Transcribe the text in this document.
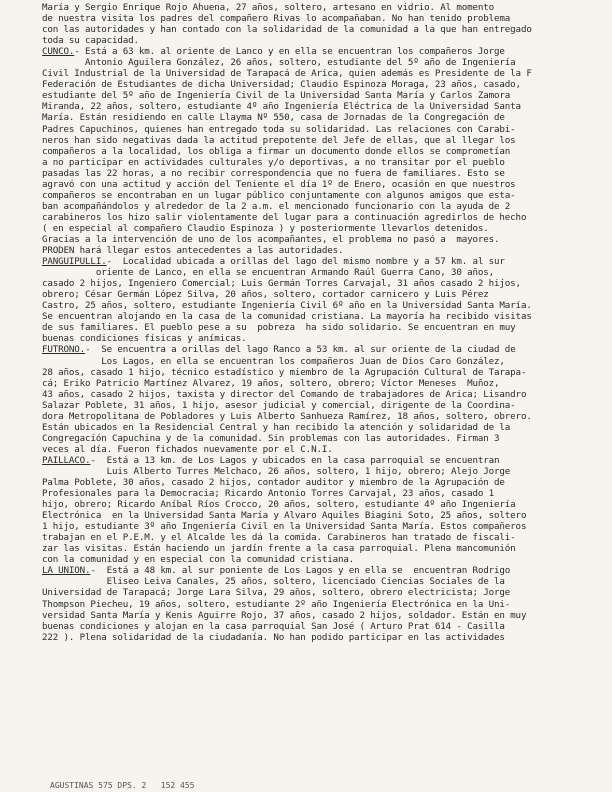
María y Sergio Enrique Rojo Ahuena, 27 años, soltero, artesano en vidrio. Al momento
de nuestra visita los padres del compañero Rivas lo acompañaban. No han tenido problema
con las autoridades y han contado con la solidaridad de la comunidad a la que han entregado
toda su capacidad.
CUNCO.- Está a 63 km. al oriente de Lanco y en ella se encuentran los compañeros Jorge
Antonio Aguilera González, 26 años, soltero, estudiante del 5º año de Ingeniería
Civil Industrial de la Universidad de Tarapacá de Arica, quien además es Presidente de la F
Federación de Estudiantes de dicha Universidad; Claudio Espinoza Moraga, 23 años, casado,
estudiante del 5º año de Ingeniería Civil de la Universidad Santa María y Carlos Zamora
Miranda, 22 años, soltero, estudiante 4º año Ingeniería Eléctrica de la Universidad Santa
María. Están residiendo en calle Llayma Nº 550, casa de Jornadas de la Congregación de
Padres Capuchinos, quienes han entregado toda su solidaridad. Las relaciones con Carabi-
neros han sido negativas dada la actitud prepotente del Jefe de ellas, que al llegar los
compañeros a la localidad, los obliga a firmar un documento donde ellos se comprometían
a no participar en actividades culturales y/o deportivas, a no transitar por el pueblo
pasadas las 22 horas, a no recibir correspondencia que no fuera de familiares. Esto se
agravó con una actitud y acción del Teniente el día 1º de Enero, ocasión en que nuestros
compañeros se encontraban en un lugar público conjuntamente con algunos amigos que esta-
ban acompañándolos y alrededor de la 2 a.m. el mencionado funcionario con la ayuda de 2
carabineros los hizo salir violentamente del lugar para a continuación agredirlos de hecho
( en especial al compañero Claudio Espinoza ) y posteriormente llevarlos detenidos.
Gracias a la intervención de uno de los acompañantes, el problema no pasó a  mayores.
PRODEN hará llegar estos antecedentes a las autoridades.
PANGUIPULLI.-  Localidad ubicada a orillas del lago del mismo nombre y a 57 km. al sur
oriente de Lanco, en ella se encuentran Armando Raúl Guerra Cano, 30 años,
casado 2 hijos, Ingeniero Comercial; Luis Germán Torres Carvajal, 31 años casado 2 hijos,
obrero; César Germán López Silva, 20 años, soltero, cortador carnicero y Luis Pérez
Castro, 25 años, soltero, estudiante Ingeniería Civil 6º año en la Universidad Santa María.
Se encuentran alojando en la casa de la comunidad cristiana. La mayoría ha recibido visitas
de sus familiares. El pueblo pese a su  pobreza  ha sido solidario. Se encuentran en muy
buenas condiciones físicas y anímicas.
FUTRONO.-  Se encuentra a orillas del lago Ranco a 53 km. al sur oriente de la ciudad de
Los Lagos, en ella se encuentran los compañeros Juan de Dios Caro González,
28 años, casado 1 hijo, técnico estadístico y miembro de la Agrupación Cultural de Tarapa-
cá; Eriko Patricio Martínez Alvarez, 19 años, soltero, obrero; Víctor Meneses  Muñoz,
43 años, casado 2 hijos, taxista y director del Comando de trabajadores de Arica; Lisandro
Salazar Poblete, 31 años, 1 hijo, asesor judicial y comercial, dirigente de la Coordina-
dora Metropolitana de Pobladores y Luis Alberto Sanhueza Ramírez, 18 años, soltero, obrero.
Están ubicados en la Residencial Central y han recibido la atención y solidaridad de la
Congregación Capuchina y de la comunidad. Sin problemas con las autoridades. Firman 3
veces al día. Fueron fichados nuevamente por el C.N.I.
PAILLACO.-  Está a 13 km. de Los Lagos y ubicados en la casa parroquial se encuentran
Luis Alberto Turres Melchaco, 26 años, soltero, 1 hijo, obrero; Alejo Jorge
Palma Poblete, 30 años, casado 2 hijos, contador auditor y miembro de la Agrupación de
Profesionales para la Democracia; Ricardo Antonio Torres Carvajal, 23 años, casado 1
hijo, obrero; Ricardo Aníbal Ríos Crocco, 20 años, soltero, estudiante 4º año Ingeniería
Electrónica  en la Universidad Santa María y Alvaro Aquiles Biagini Soto, 25 años, soltero
1 hijo, estudiante 3º año Ingeniería Civil en la Universidad Santa María. Estos compañeros
trabajan en el P.E.M. y el Alcalde les dá la comida. Carabineros han tratado de fiscali-
zar las visitas. Están haciendo un jardín frente a la casa parroquial. Plena mancomunión
con la comunidad y en especial con la comunidad cristiana.
LA UNION.-  Está a 48 km. al sur poniente de Los Lagos y en ella se  encuentran Rodrigo
Eliseo Leiva Canales, 25 años, soltero, licenciado Ciencias Sociales de la
Universidad de Tarapacá; Jorge Lara Silva, 29 años, soltero, obrero electricista; Jorge
Thompson Piecheu, 19 años, soltero, estudiante 2º año Ingeniería Electrónica en la Uni-
versidad Santa María y Kenis Aguirre Rojo, 37 años, casado 2 hijos, soldador. Están en muy
buenas condiciones y alojan en la casa parroquial San José ( Arturo Prat 614 - Casilla
222 ). Plena solidaridad de la ciudadanía. No han podido participar en las actividades
AGUSTINAS 575 DPS. 2   152 455
